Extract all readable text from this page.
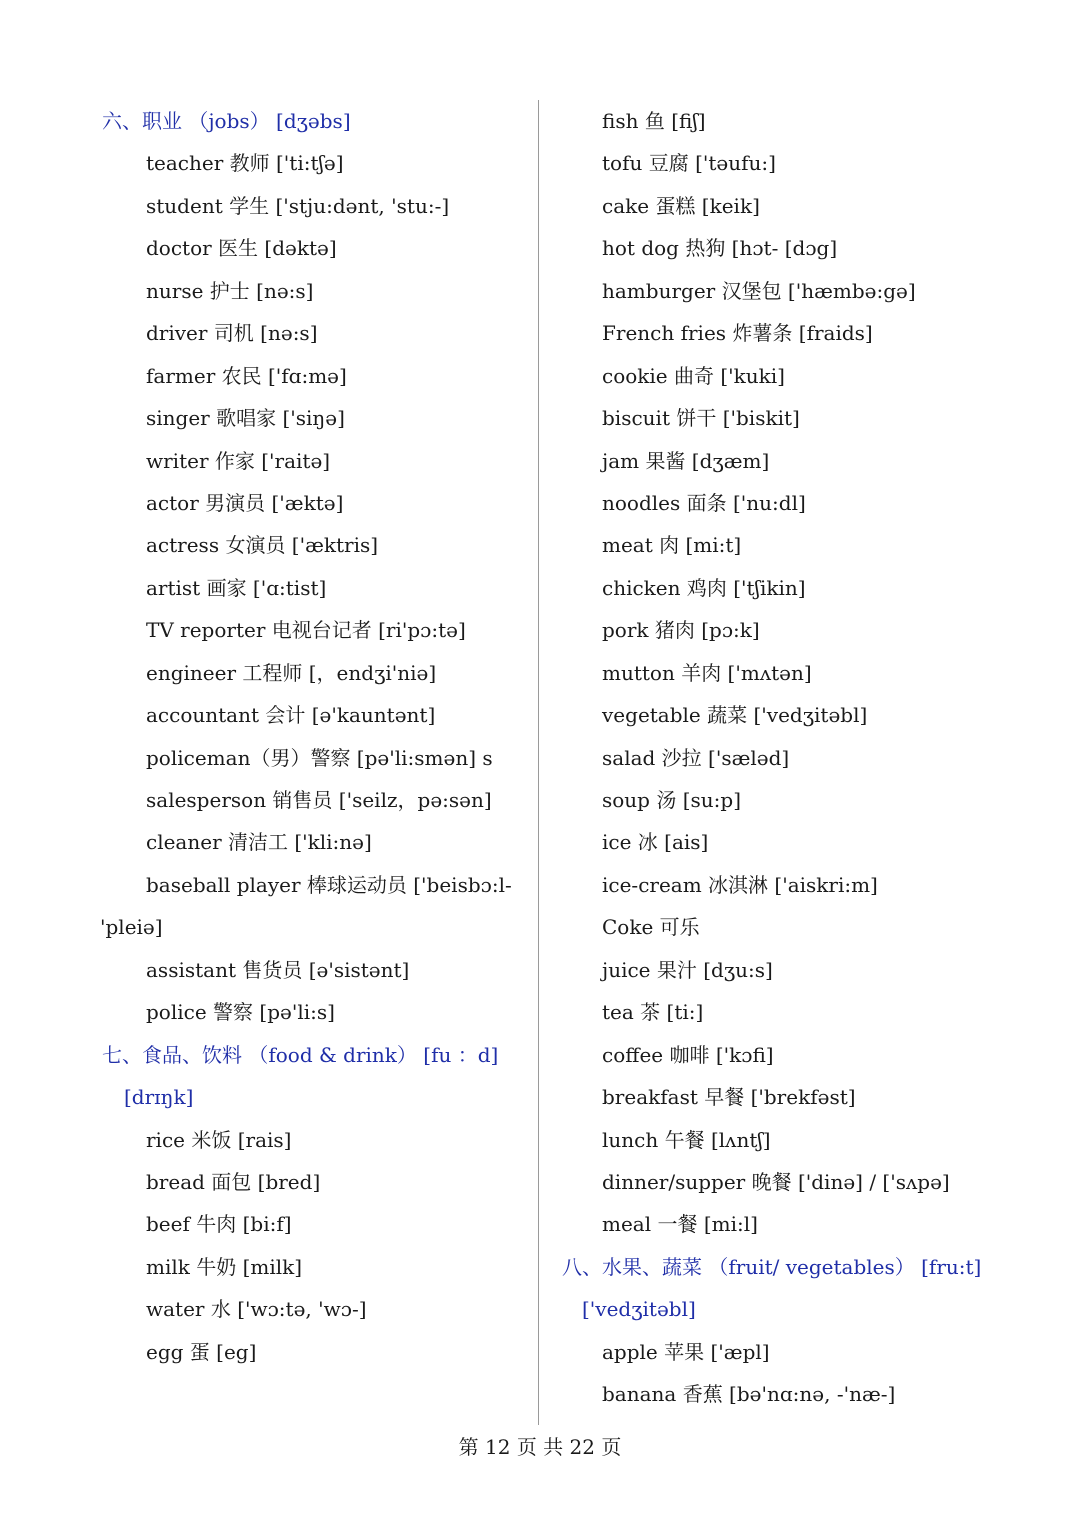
六、职业 （jobs） [dʒəbs]
teacher 教师 ['ti:tʃə]
student 学生 ['stju:dənt, 'stu:-]
doctor 医生 [dəktə]
nurse 护士 [nə:s]
driver 司机 [nə:s]
farmer 农民 ['fɑ:mə]
singer 歌唱家 ['siŋə]
writer 作家 ['raitə]
actor 男演员 ['æktə]
actress 女演员 ['æktris]
artist 画家 ['ɑ:tist]
TV reporter 电视台记者 [ri'pɔ:tə]
engineer 工程师 [，endʒi'niə]
accountant 会计 [ə'kauntənt]
policeman（男）警察 [pə'li:smən] s
salesperson 销售员 ['seilz，pə:sən]
cleaner 清洁工 ['kli:nə]
baseball player 棒球运动员 ['beisbɔ:l-
'pleiə]
assistant 售货员 [ə'sistənt]
police 警察 [pə'li:s]
七、食品、饮料 （food & drink） [fu ：d]
[drɪŋk]
rice 米饭 [rais]
bread 面包 [bred]
beef 牛肉 [bi:f]
milk 牛奶 [milk]
water 水 ['wɔ:tə, 'wɔ-]
egg 蛋 [eg]
fish 鱼 [fiʃ]
tofu 豆腐 ['təufu:]
cake 蛋糕 [keik]
hot dog 热狗 [hɔt- [dɔg]
hamburger 汉堡包 ['hæmbə:gə]
French fries 炸薯条 [fraids]
cookie 曲奇 ['kuki]
biscuit 饼干 ['biskit]
jam 果酱 [dʒæm]
noodles 面条 ['nu:dl]
meat 肉 [mi:t]
chicken 鸡肉 ['tʃikin]
pork 猪肉 [pɔ:k]
mutton 羊肉 ['mʌtən]
vegetable 蔬菜 ['vedʒitəbl]
salad 沙拉 ['sæləd]
soup 汤 [su:p]
ice 冰 [ais]
ice-cream 冰淇淋 ['aiskri:m]
Coke 可乐
juice 果汁 [dʒu:s]
tea 茶 [ti:]
coffee 咖啡 ['kɔfi]
breakfast 早餐 ['brekfəst]
lunch 午餐 [lʌntʃ]
dinner/supper 晚餐 ['dinə] / ['sʌpə]
meal 一餐 [mi:l]
八、水果、蔬菜 （fruit/ vegetables） [fru:t]
['vedʒitəbl]
apple 苹果 ['æpl]
banana 香蕉 [bə'nɑ:nə, -'næ-]
第 12 页 共 22 页
